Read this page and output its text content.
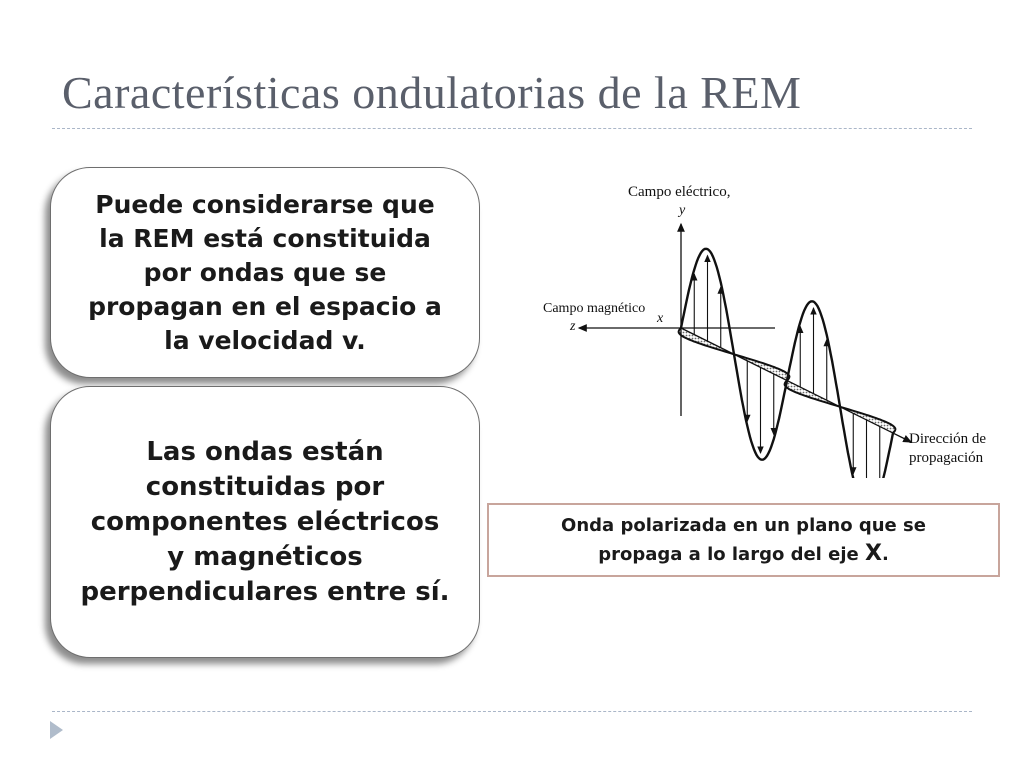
Características ondulatorias de la REM
Puede considerarse que
la REM está constituida
por ondas que se
propagan en el espacio a
la velocidad v.
Las ondas están
constituidas por
componentes eléctricos
y magnéticos
perpendiculares entre sí.
Campo eléctrico,
y
Campo magnético
z
x
Dirección de
propagación
Onda polarizada en un plano que se
propaga a lo largo del eje X.
